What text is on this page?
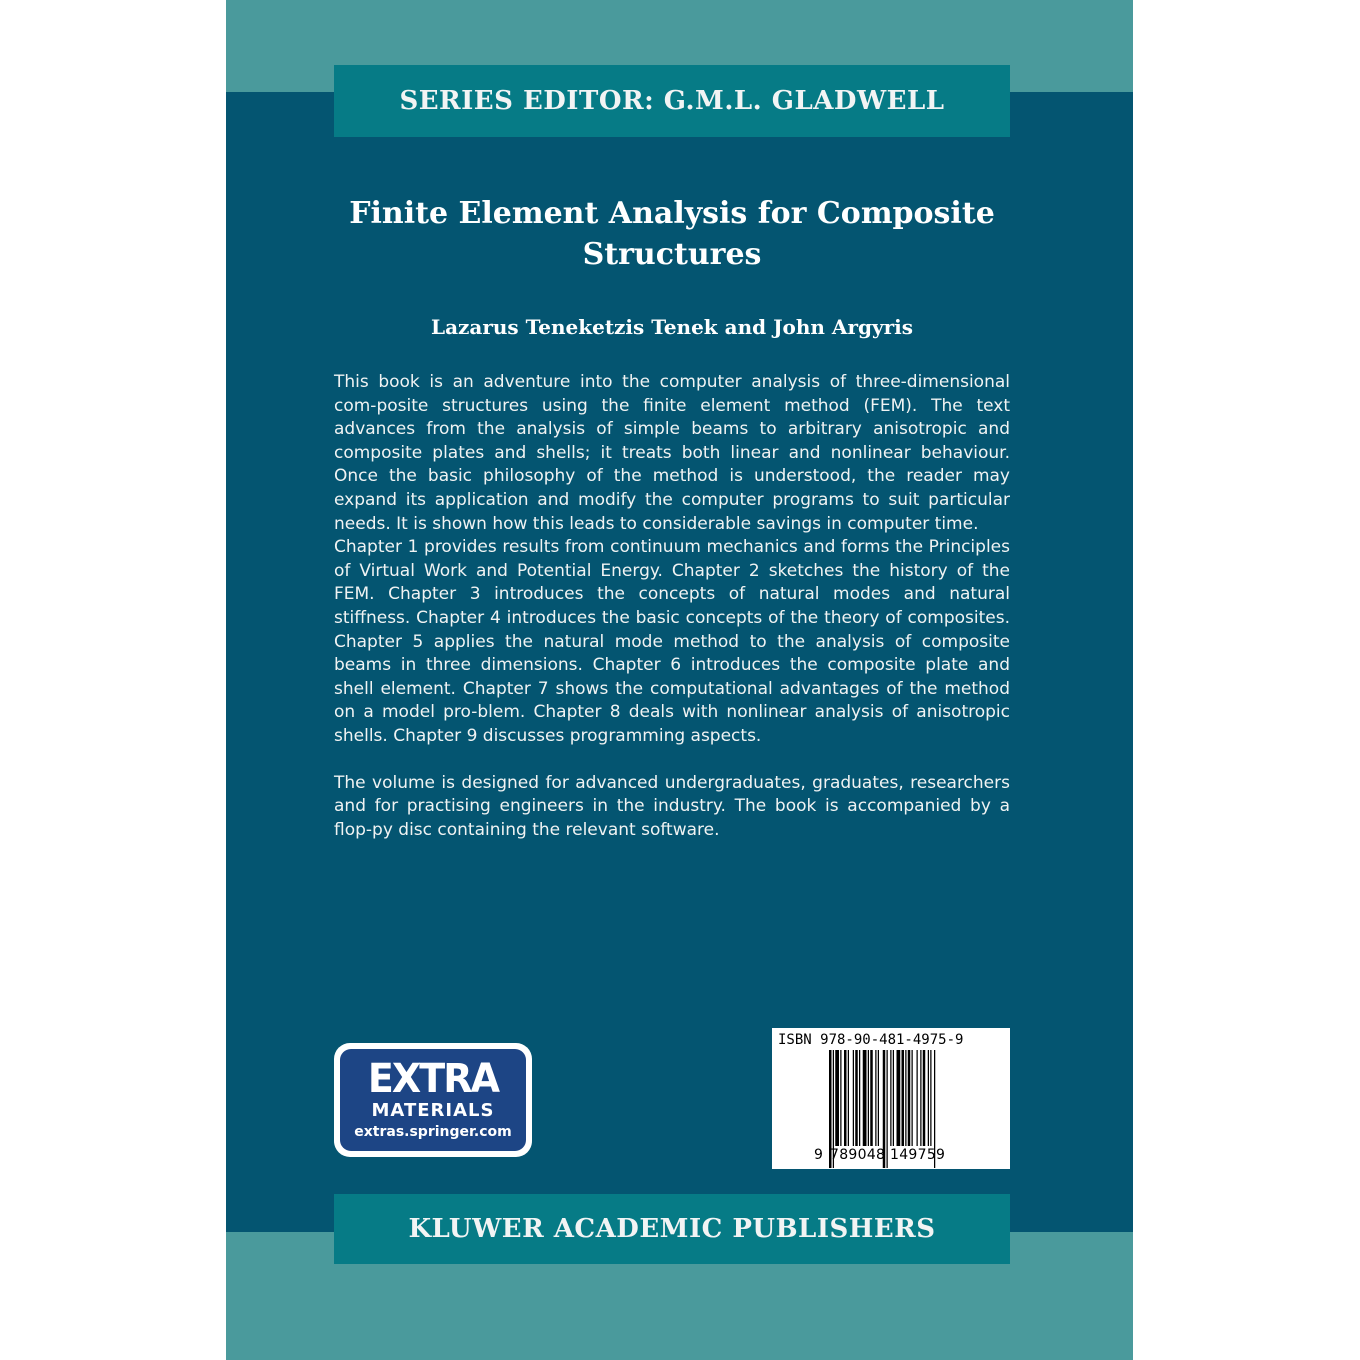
SERIES EDITOR: G.M.L. GLADWELL
Finite Element Analysis for Composite
Structures
Lazarus Teneketzis Tenek and John Argyris

This book is an adventure into the computer analysis of three-dimensional com-posite structures using the finite element method (FEM). The text advances from the analysis of simple beams to arbitrary anisotropic and composite plates and shells; it treats both linear and nonlinear behaviour. Once the basic philosophy of the method is understood, the reader may expand its application and modify the computer programs to suit particular needs. It is shown how this leads to considerable savings in computer time.

Chapter 1 provides results from continuum mechanics and forms the Principles of Virtual Work and Potential Energy. Chapter 2 sketches the history of the FEM. Chapter 3 introduces the concepts of natural modes and natural stiffness. Chapter 4 introduces the basic concepts of the theory of composites. Chapter 5 applies the natural mode method to the analysis of composite beams in three dimensions. Chapter 6 introduces the composite plate and shell element. Chapter 7 shows the computational advantages of the method on a model pro-blem. Chapter 8 deals with nonlinear analysis of anisotropic shells. Chapter 9 discusses programming aspects.

The volume is designed for advanced undergraduates, graduates, researchers and for practising engineers in the industry. The book is accompanied by a flop-py disc containing the relevant software.

EXTRA
MATERIALS
extras.springer.com
ISBN 978-90-481-4975-9
9 789048 149759
KLUWER ACADEMIC PUBLISHERS
